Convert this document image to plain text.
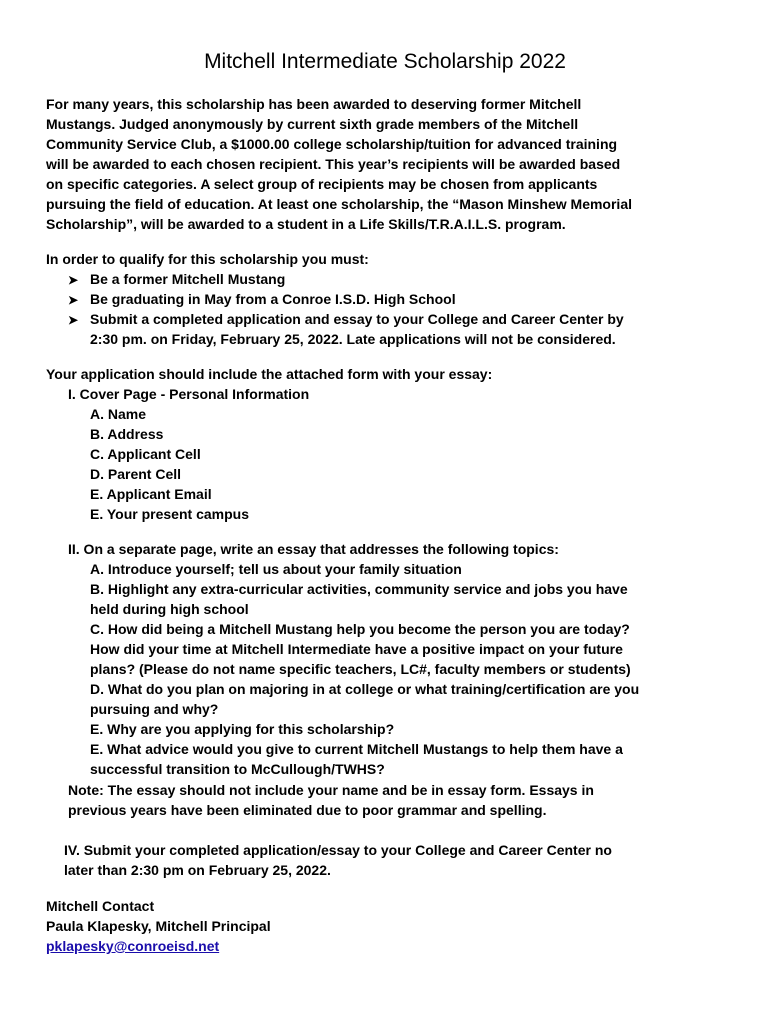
Mitchell Intermediate Scholarship 2022
For many years, this scholarship has been awarded to deserving former Mitchell
Mustangs. Judged anonymously by current sixth grade members of the Mitchell
Community Service Club, a $1000.00 college scholarship/tuition for advanced training
will be awarded to each chosen recipient. This year’s recipients will be awarded based
on specific categories. A select group of recipients may be chosen from applicants
pursuing the field of education. At least one scholarship, the “Mason Minshew Memorial
Scholarship”, will be awarded to a student in a Life Skills/T.R.A.I.L.S. program.
In order to qualify for this scholarship you must:
➤ Be a former Mitchell Mustang
➤ Be graduating in May from a Conroe I.S.D. High School
➤ Submit a completed application and essay to your College and Career Center by
2:30 pm. on Friday, February 25, 2022. Late applications will not be considered.
Your application should include the attached form with your essay:
I. Cover Page - Personal Information
A. Name
B. Address
C. Applicant Cell
D. Parent Cell
E. Applicant Email
E. Your present campus
II. On a separate page, write an essay that addresses the following topics:
A. Introduce yourself; tell us about your family situation
B. Highlight any extra-curricular activities, community service and jobs you have
held during high school
C. How did being a Mitchell Mustang help you become the person you are today?
How did your time at Mitchell Intermediate have a positive impact on your future
plans? (Please do not name specific teachers, LC#, faculty members or students)
D. What do you plan on majoring in at college or what training/certification are you
pursuing and why?
E. Why are you applying for this scholarship?
E. What advice would you give to current Mitchell Mustangs to help them have a
successful transition to McCullough/TWHS?
Note: The essay should not include your name and be in essay form. Essays in
previous years have been eliminated due to poor grammar and spelling.
IV. Submit your completed application/essay to your College and Career Center no
later than 2:30 pm on February 25, 2022.
Mitchell Contact
Paula Klapesky, Mitchell Principal
pklapesky@conroeisd.net
